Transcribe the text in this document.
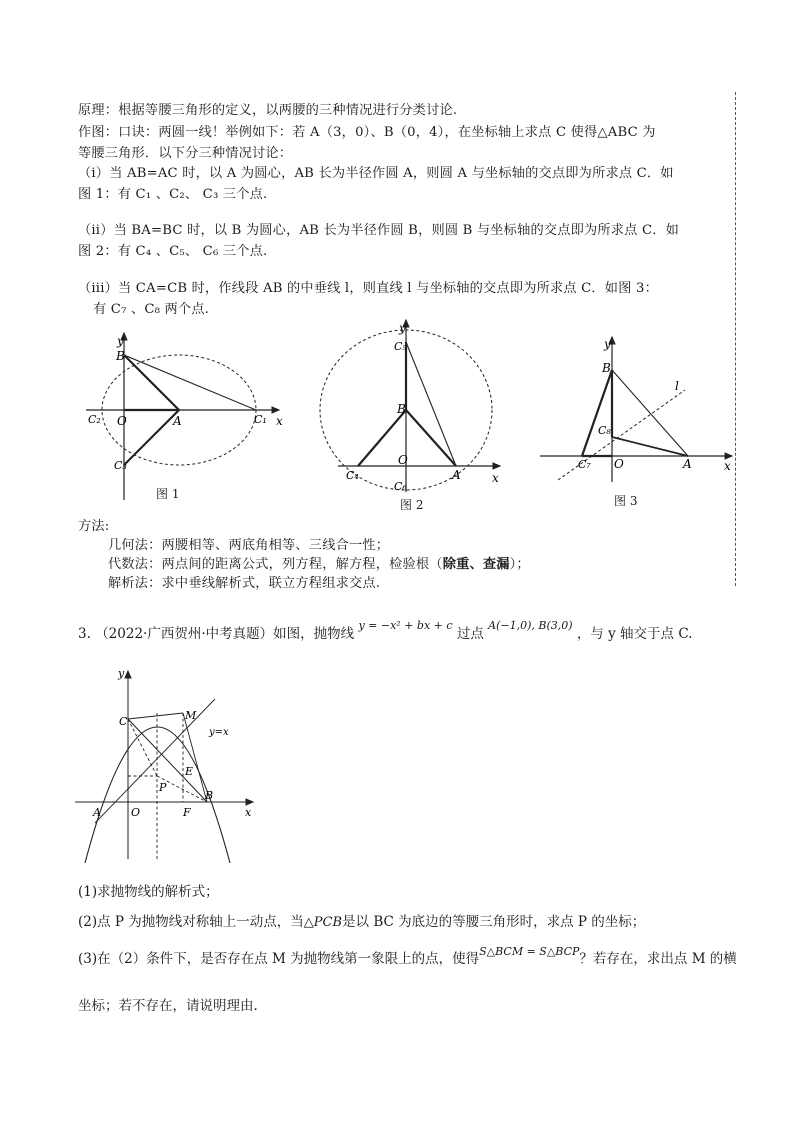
原理：根据等腰三角形的定义，以两腰的三种情况进行分类讨论.
作图：口诀：两圆一线！举例如下：若 A（3，0）、B（0，4），在坐标轴上求点 C 使得△ABC 为
等腰三角形．以下分三种情况讨论：
（i）当 AB=AC 时，以 A 为圆心，AB 长为半径作圆 A，则圆 A 与坐标轴的交点即为所求点 C．如
图 1：有 C₁ 、C₂、 C₃ 三个点.
（ii）当 BA=BC 时，以 B 为圆心，AB 长为半径作圆 B，则圆 B 与坐标轴的交点即为所求点 C．如
图 2：有 C₄ 、C₅、 C₆ 三个点.
（iii）当 CA=CB 时，作线段 AB 的中垂线 l，则直线 l 与坐标轴的交点即为所求点 C．如图 3：
有 C₇ 、C₈ 两个点.
y
x
B
O	A
C₂	C₁
C₃
图 1
y
x
C₅
B
O
C₄	A
C₆
图 2
y
x
B
l
C₈
C₇ O	A
图 3
方法:
几何法：两腰相等、两底角相等、三线合一性；
代数法：两点间的距离公式，列方程，解方程，检验根（除重、查漏）；
解析法：求中垂线解析式，联立方程组求交点.
3. （2022·广西贺州·中考真题）如图，抛物线 $^{y = -x^2 + bx + c}$ 过点 $^{A(-1,0), B(3,0)}$ ，与 y 轴交于点 C.
y
x
C	M
y=x
E
P
A	O	F
B
(1)求抛物线的解析式；
(2)点 P 为抛物线对称轴上一动点，当△PCB是以 BC 为底边的等腰三角形时，求点 P 的坐标；
(3)在（2）条件下，是否存在点 M 为抛物线第一象限上的点，使得$^{S\triangle BCM = S\triangle BCP}$？若存在，求出点 M 的横
坐标；若不存在，请说明理由.
